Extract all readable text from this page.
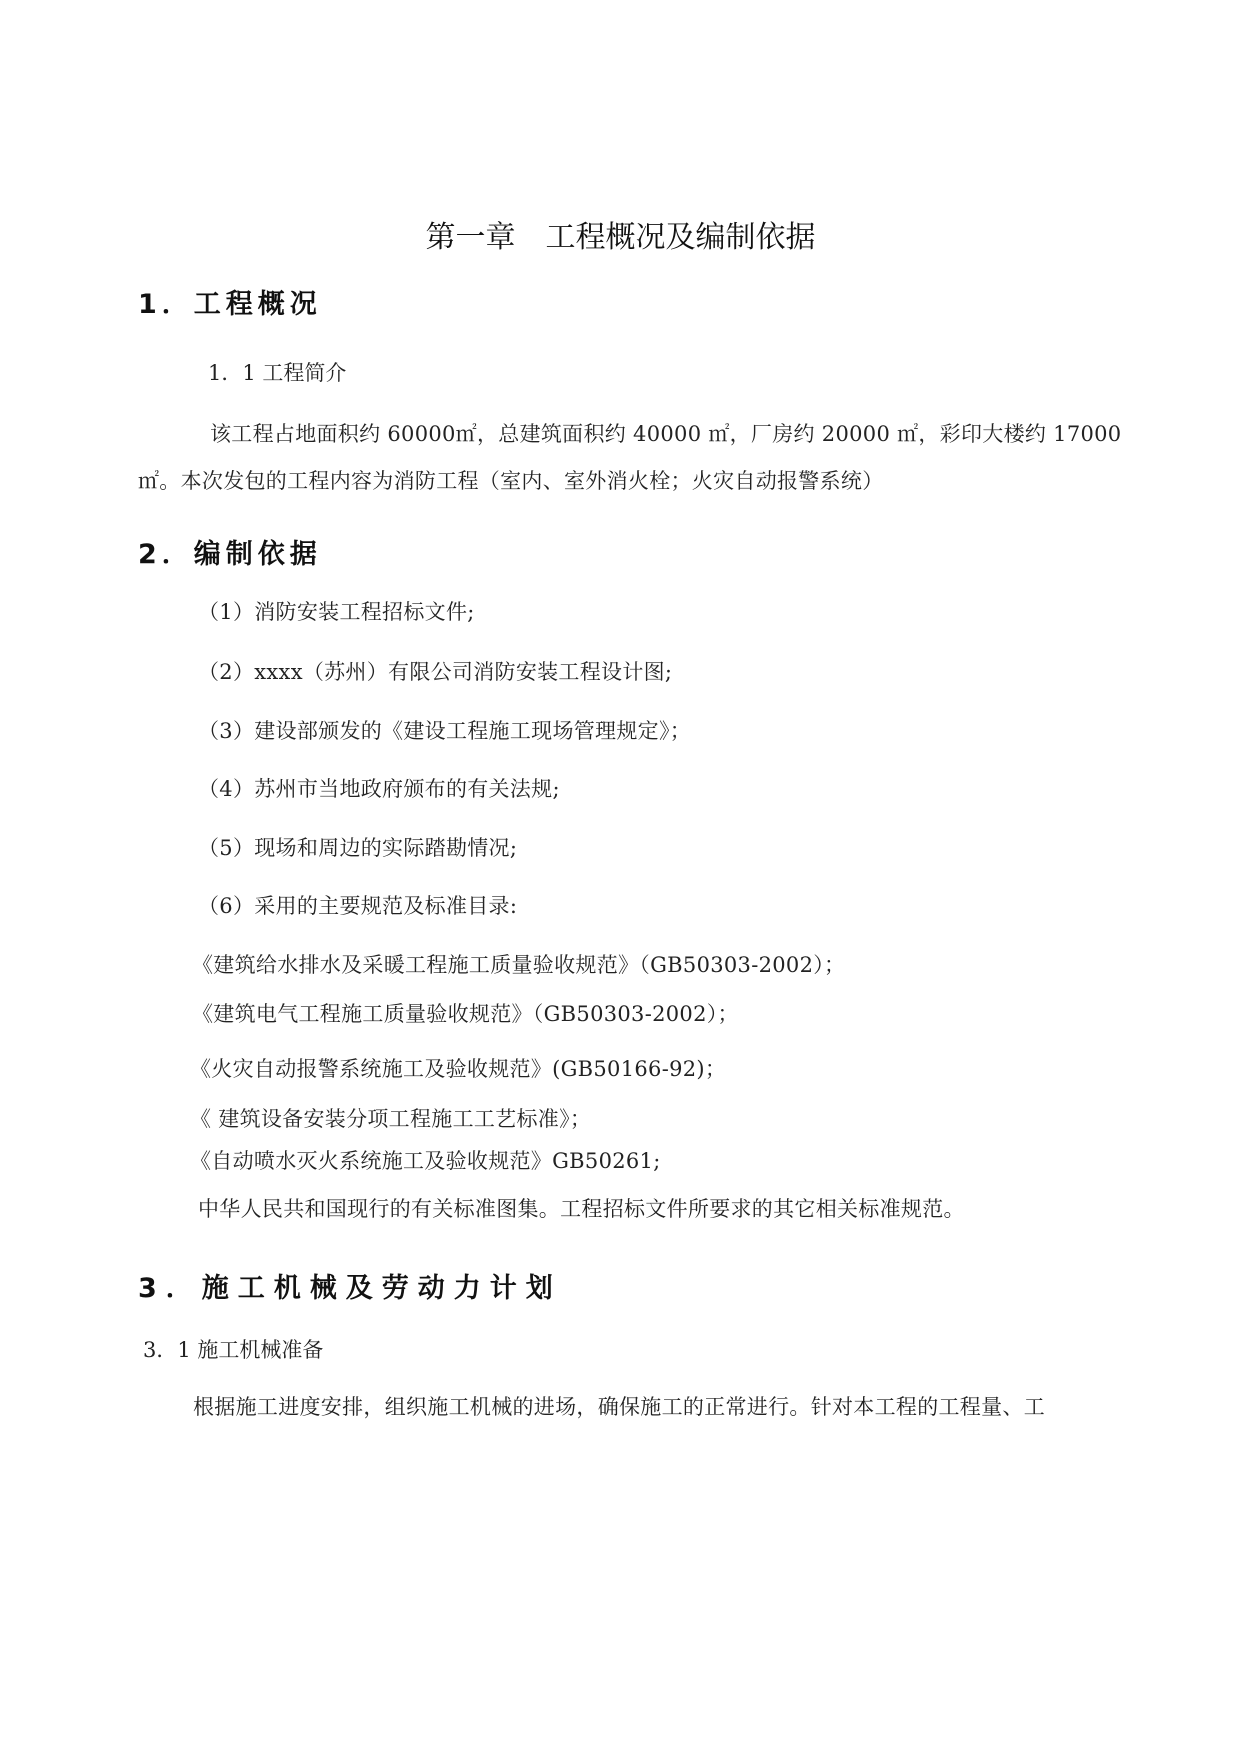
第一章　工程概况及编制依据
1．工程概况
1．1 工程简介
该工程占地面积约 60000㎡，总建筑面积约 40000 ㎡，厂房约 20000 ㎡，彩印大楼约 17000
㎡。本次发包的工程内容为消防工程（室内、室外消火栓；火灾自动报警系统）
2．编制依据
（1）消防安装工程招标文件;
（2）xxxx（苏州）有限公司消防安装工程设计图;
（3）建设部颁发的《建设工程施工现场管理规定》；
（4）苏州市当地政府颁布的有关法规;
（5）现场和周边的实际踏勘情况;
（6）采用的主要规范及标准目录:
《建筑给水排水及采暖工程施工质量验收规范》（GB50303-2002）；
《建筑电气工程施工质量验收规范》（GB50303-2002）；
《火灾自动报警系统施工及验收规范》(GB50166-92)；
《 建筑设备安装分项工程施工工艺标准》；
《自动喷水灭火系统施工及验收规范》GB50261;
中华人民共和国现行的有关标准图集。工程招标文件所要求的其它相关标准规范。
3．施工机械及劳动力计划
3．1 施工机械准备
根据施工进度安排，组织施工机械的进场，确保施工的正常进行。针对本工程的工程量、工
